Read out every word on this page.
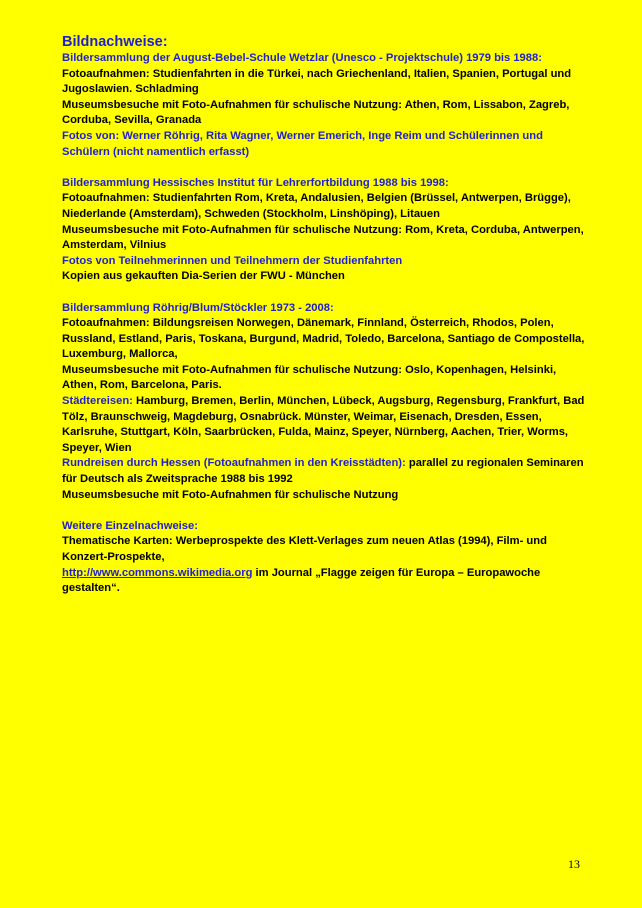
Bildnachweise:
Bildersammlung der August-Bebel-Schule Wetzlar (Unesco - Projektschule) 1979 bis 1988:
Fotoaufnahmen: Studienfahrten in die Türkei, nach Griechenland, Italien, Spanien, Portugal und Jugoslawien. Schladming
Museumsbesuche mit Foto-Aufnahmen für schulische Nutzung: Athen, Rom, Lissabon, Zagreb, Corduba, Sevilla, Granada
Fotos von: Werner Röhrig, Rita Wagner, Werner Emerich, Inge Reim und Schülerinnen und Schülern (nicht namentlich erfasst)
Bildersammlung Hessisches Institut für Lehrerfortbildung 1988 bis 1998:
Fotoaufnahmen: Studienfahrten Rom, Kreta, Andalusien, Belgien (Brüssel, Antwerpen, Brügge), Niederlande (Amsterdam), Schweden (Stockholm, Linshöping), Litauen
Museumsbesuche mit Foto-Aufnahmen für schulische Nutzung: Rom, Kreta, Corduba, Antwerpen, Amsterdam, Vilnius
Fotos von Teilnehmerinnen und Teilnehmern der Studienfahrten
Kopien aus gekauften Dia-Serien der FWU - München
Bildersammlung Röhrig/Blum/Stöckler 1973 - 2008:
Fotoaufnahmen: Bildungsreisen Norwegen, Dänemark, Finnland, Österreich, Rhodos, Polen, Russland, Estland, Paris, Toskana, Burgund, Madrid, Toledo, Barcelona, Santiago de Compostella, Luxemburg, Mallorca,
Museumsbesuche mit Foto-Aufnahmen für schulische Nutzung: Oslo, Kopenhagen, Helsinki, Athen, Rom, Barcelona, Paris.
Städtereisen: Hamburg, Bremen, Berlin, München, Lübeck, Augsburg, Regensburg, Frankfurt, Bad Tölz, Braunschweig, Magdeburg, Osnabrück. Münster, Weimar, Eisenach, Dresden, Essen, Karlsruhe, Stuttgart, Köln, Saarbrücken, Fulda, Mainz, Speyer, Nürnberg, Aachen, Trier, Worms, Speyer, Wien
Rundreisen durch Hessen (Fotoaufnahmen in den Kreisstädten): parallel zu regionalen Seminaren für Deutsch als Zweitsprache 1988 bis 1992
Museumsbesuche mit Foto-Aufnahmen für schulische Nutzung
Weitere Einzelnachweise:
Thematische Karten: Werbeprospekte des Klett-Verlages zum neuen Atlas (1994), Film- und Konzert-Prospekte,
http://www.commons.wikimedia.org im Journal „Flagge zeigen für Europa – Europawoche gestalten“.
13
